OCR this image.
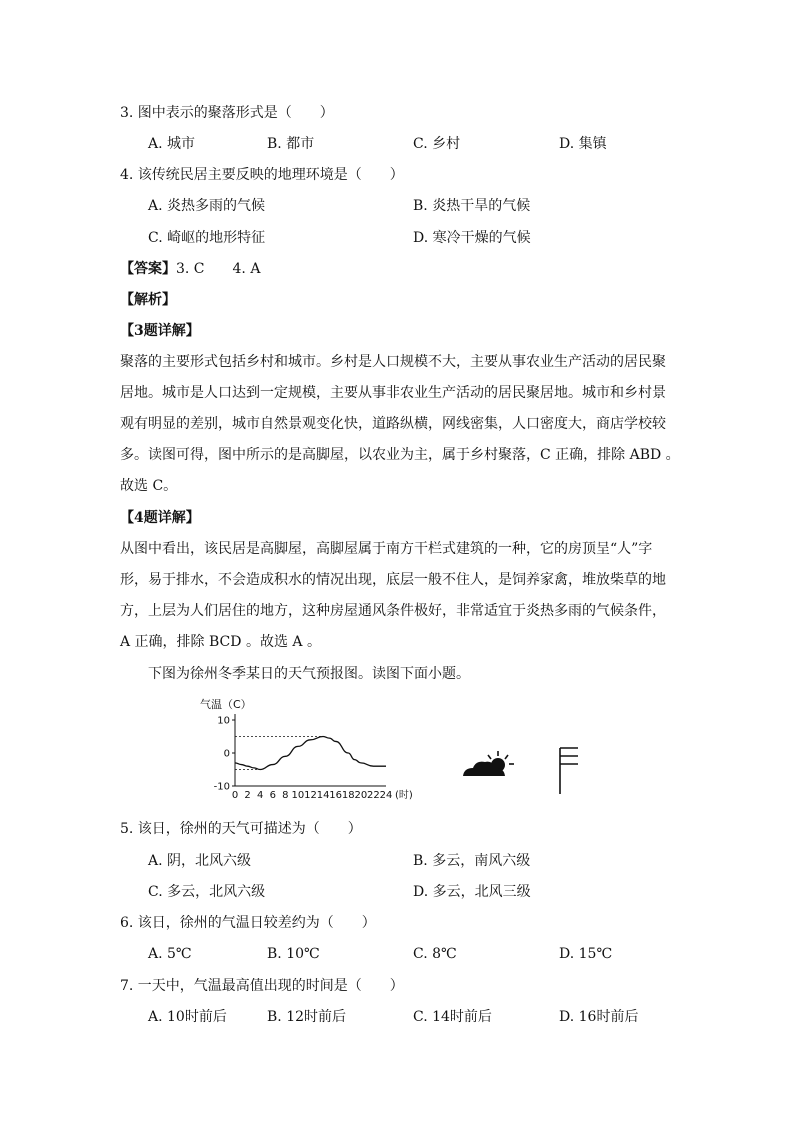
3. 图中表示的聚落形式是（　　）
A. 城市	B. 都市	C. 乡村	D. 集镇
4. 该传统民居主要反映的地理环境是（　　）
A. 炎热多雨的气候	B. 炎热干旱的气候
C. 崎岖的地形特征	D. 寒冷干燥的气候
【答案】3. C　　4. A
【解析】
【3题详解】
聚落的主要形式包括乡村和城市。乡村是人口规模不大，主要从事农业生产活动的居民聚
居地。城市是人口达到一定规模，主要从事非农业生产活动的居民聚居地。城市和乡村景
观有明显的差别，城市自然景观变化快，道路纵横，网线密集，人口密度大，商店学校较
多。读图可得，图中所示的是高脚屋，以农业为主，属于乡村聚落，C 正确，排除 ABD 。
故选 C。
【4题详解】
从图中看出，该民居是高脚屋，高脚屋属于南方干栏式建筑的一种，它的房顶呈“人”字
形，易于排水，不会造成积水的情况出现，底层一般不住人，是饲养家禽，堆放柴草的地
方，上层为人们居住的地方，这种房屋通风条件极好，非常适宜于炎热多雨的气候条件，
A 正确，排除 BCD 。故选 A 。
下图为徐州冬季某日的天气预报图。读图下面小题。
气温（C）
10
0
-10
0 2 4 6 8 10 12 14 16 18 20 22 24 (时)
5. 该日，徐州的天气可描述为（　　）
A. 阴，北风六级	B. 多云，南风六级
C. 多云，北风六级	D. 多云，北风三级
6. 该日，徐州的气温日较差约为（　　）
A. 5℃	B. 10℃	C. 8℃	D. 15℃
7. 一天中，气温最高值出现的时间是（　　）
A. 10时前后	B. 12时前后	C. 14时前后	D. 16时前后
